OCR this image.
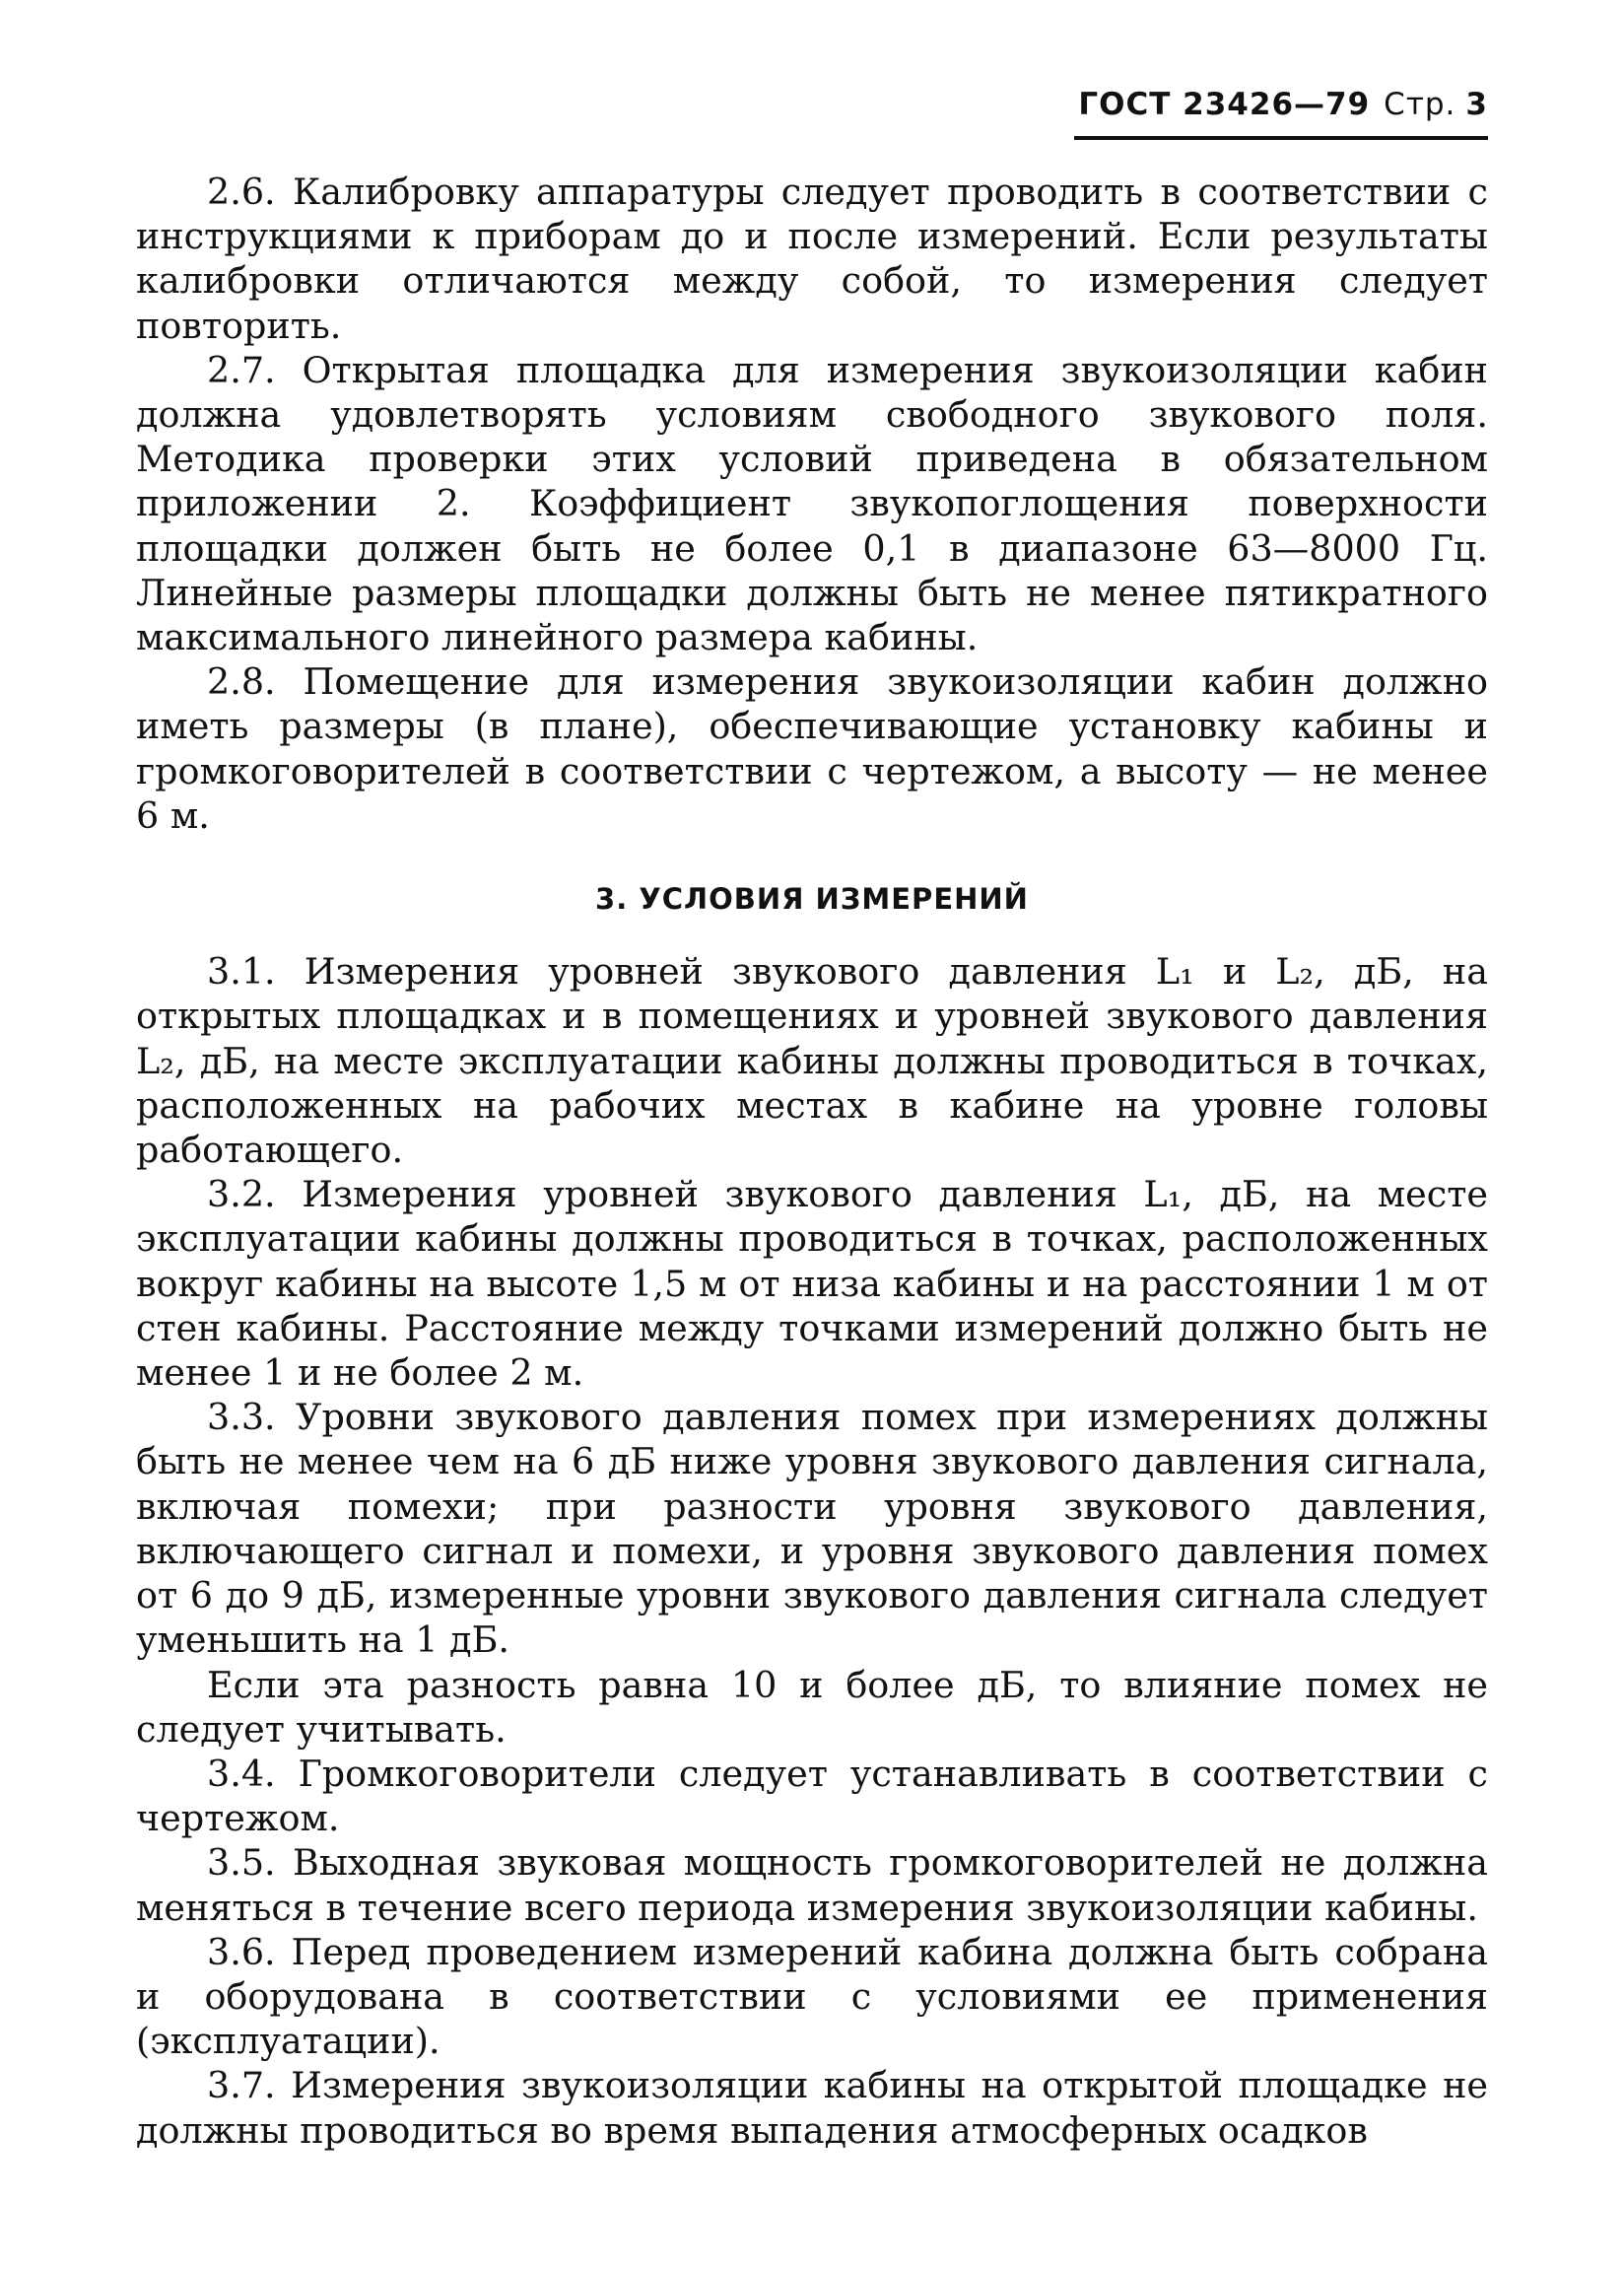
ГОСТ 23426—79 Стр. 3

2.6. Калибровку аппаратуры следует проводить в соответствии с инструкциями к приборам до и после измерений. Если результаты калибровки отличаются между собой, то измерения следует повторить.

2.7. Открытая площадка для измерения звукоизоляции кабин должна удовлетворять условиям свободного звукового поля. Методика проверки этих условий приведена в обязательном приложении 2. Коэффициент звукопоглощения поверхности площадки должен быть не более 0,1 в диапазоне 63—8000 Гц. Линейные размеры площадки должны быть не менее пятикратного максимального линейного размера кабины.

2.8. Помещение для измерения звукоизоляции кабин должно иметь размеры (в плане), обеспечивающие установку кабины и громкоговорителей в соответствии с чертежом, а высоту — не менее 6 м.

3. УСЛОВИЯ ИЗМЕРЕНИЙ

3.1. Измерения уровней звукового давления L₁ и L₂, дБ, на открытых площадках и в помещениях и уровней звукового давления L₂, дБ, на месте эксплуатации кабины должны проводиться в точках, расположенных на рабочих местах в кабине на уровне головы работающего.

3.2. Измерения уровней звукового давления L₁, дБ, на месте эксплуатации кабины должны проводиться в точках, расположенных вокруг кабины на высоте 1,5 м от низа кабины и на расстоянии 1 м от стен кабины. Расстояние между точками измерений должно быть не менее 1 и не более 2 м.

3.3. Уровни звукового давления помех при измерениях должны быть не менее чем на 6 дБ ниже уровня звукового давления сигнала, включая помехи; при разности уровня звукового давления, включающего сигнал и помехи, и уровня звукового давления помех от 6 до 9 дБ, измеренные уровни звукового давления сигнала следует уменьшить на 1 дБ.

Если эта разность равна 10 и более дБ, то влияние помех не следует учитывать.

3.4. Громкоговорители следует устанавливать в соответствии с чертежом.

3.5. Выходная звуковая мощность громкоговорителей не должна меняться в течение всего периода измерения звукоизоляции кабины.

3.6. Перед проведением измерений кабина должна быть собрана и оборудована в соответствии с условиями ее применения (эксплуатации).

3.7. Измерения звукоизоляции кабины на открытой площадке не должны проводиться во время выпадения атмосферных осадков
